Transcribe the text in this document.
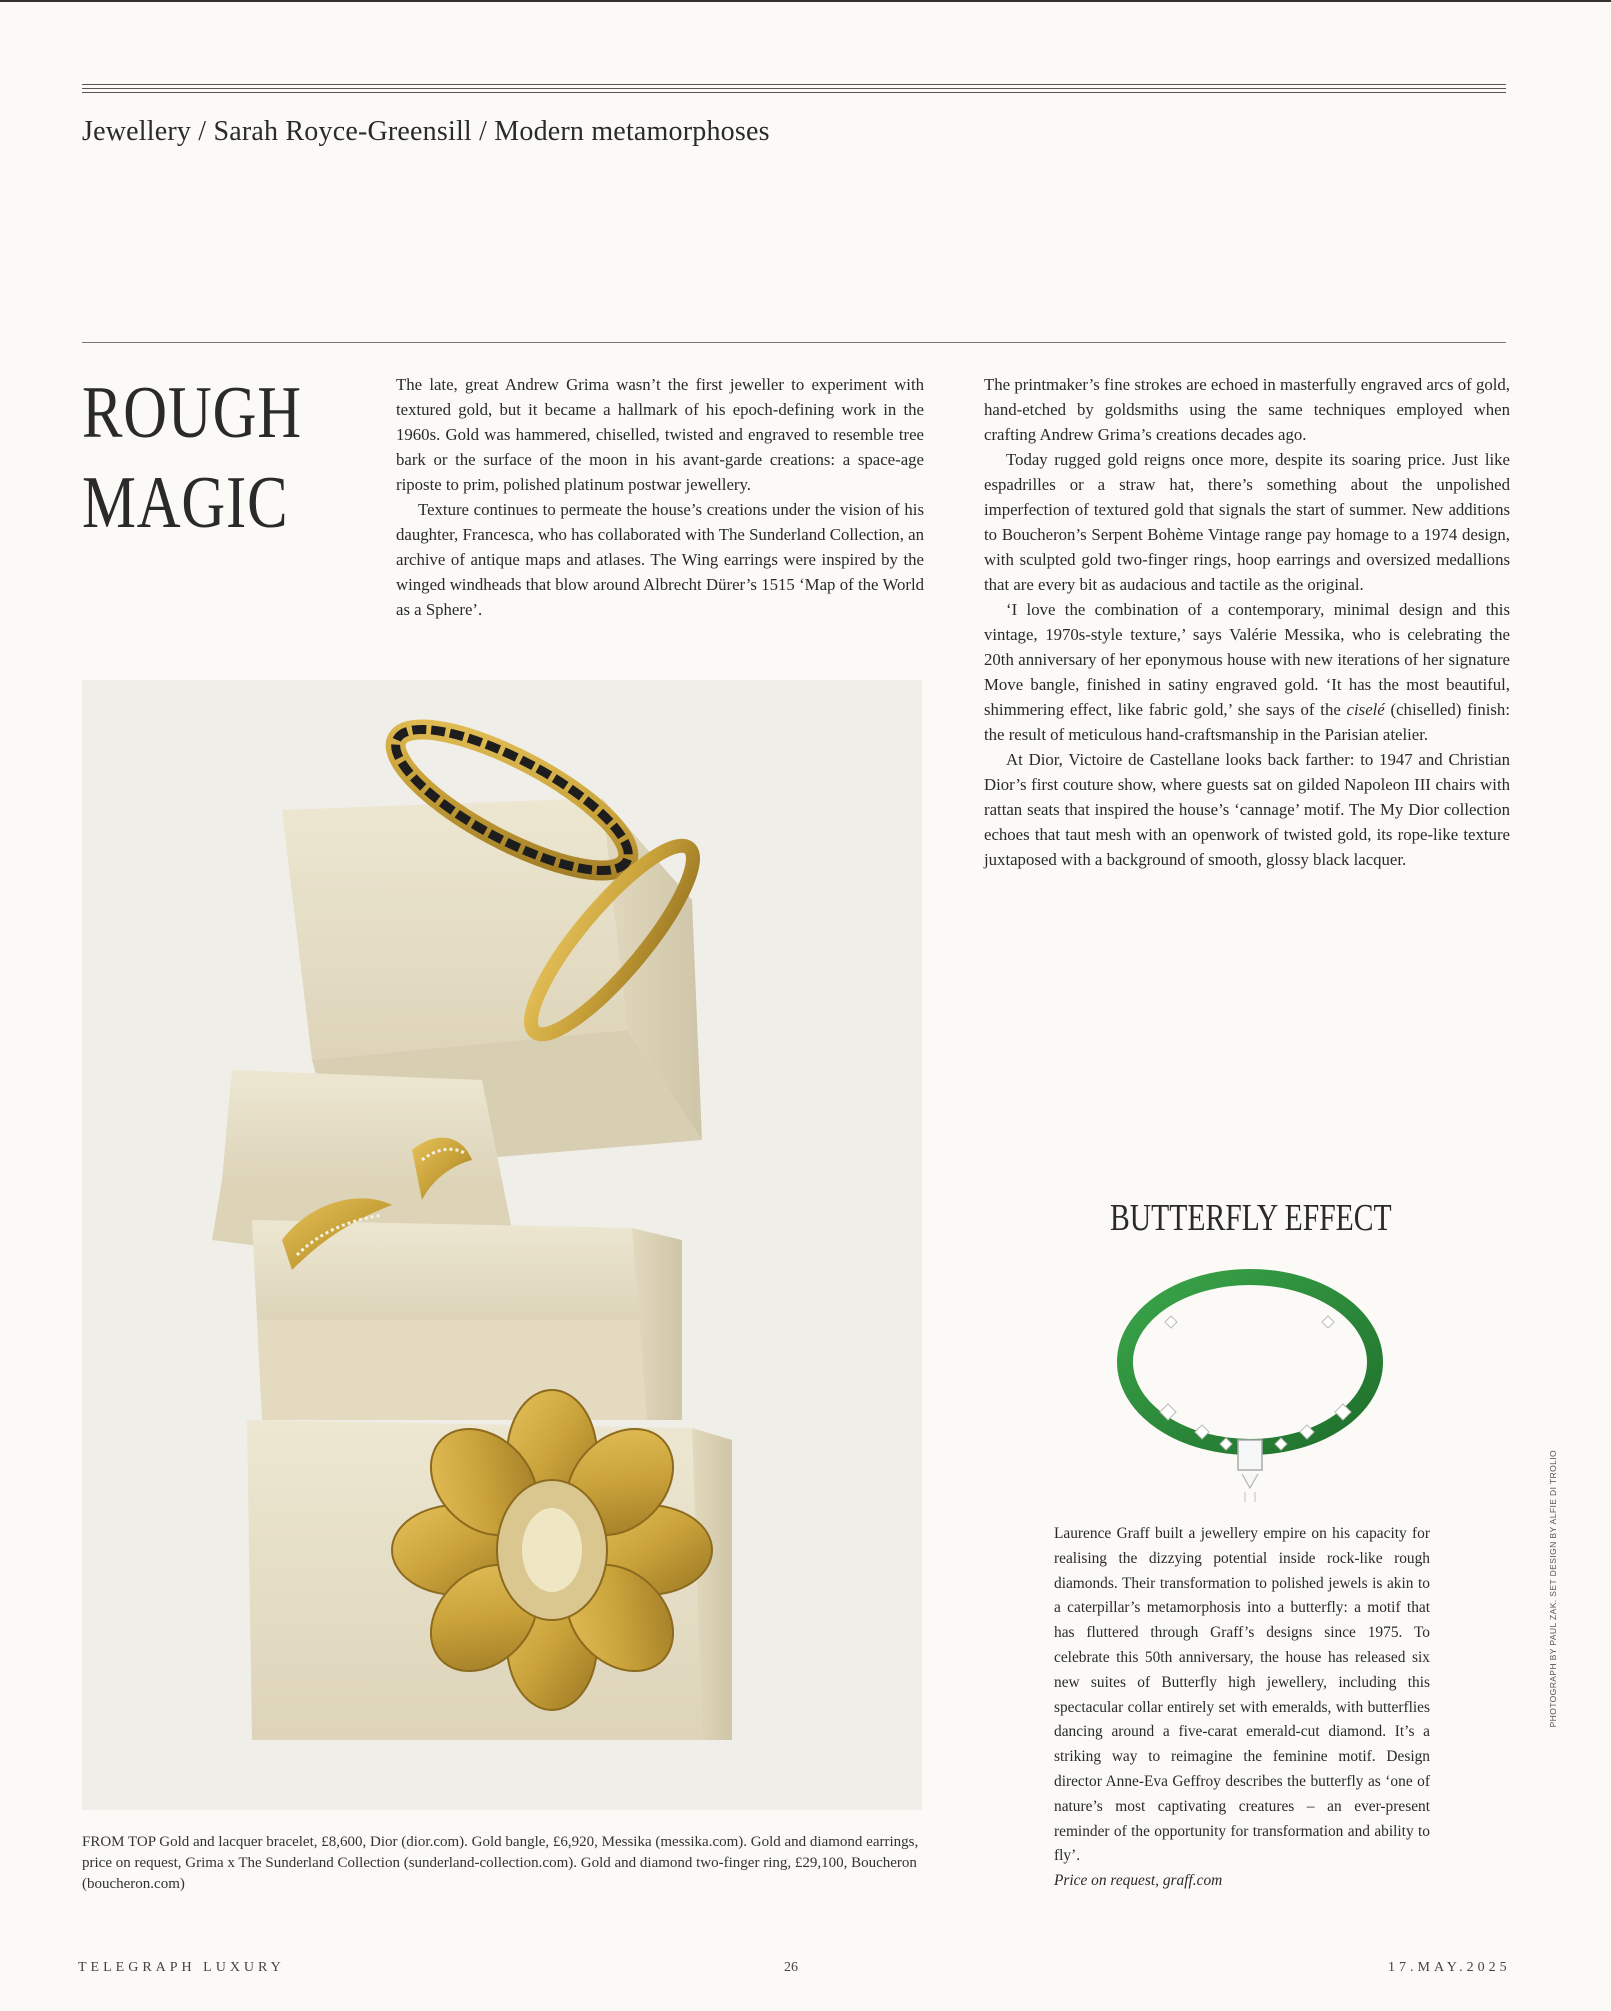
Jewellery / Sarah Royce-Greensill / Modern metamorphoses
ROUGH
MAGIC

The late, great Andrew Grima wasn’t the first jeweller to experiment with textured gold, but it became a hallmark of his epoch-defining work in the 1960s. Gold was hammered, chiselled, twisted and engraved to resemble tree bark or the surface of the moon in his avant-garde creations: a space-age riposte to prim, polished platinum postwar jewellery.

Texture continues to permeate the house’s creations under the vision of his daughter, Francesca, who has collaborated with The Sunderland Collection, an archive of antique maps and atlases. The Wing earrings were inspired by the winged windheads that blow around Albrecht Dürer’s 1515 ‘Map of the World as a Sphere’.

The printmaker’s fine strokes are echoed in masterfully engraved arcs of gold, hand-etched by goldsmiths using the same techniques employed when crafting Andrew Grima’s creations decades ago.

Today rugged gold reigns once more, despite its soaring price. Just like espadrilles or a straw hat, there’s something about the unpolished imperfection of textured gold that signals the start of summer. New additions to Boucheron’s Serpent Bohème Vintage range pay homage to a 1974 design, with sculpted gold two-finger rings, hoop earrings and oversized medallions that are every bit as audacious and tactile as the original.

‘I love the combination of a contemporary, minimal design and this vintage, 1970s-style texture,’ says Valérie Messika, who is celebrating the 20th anniversary of her eponymous house with new iterations of her signature Move bangle, finished in satiny engraved gold. ‘It has the most beautiful, shimmering effect, like fabric gold,’ she says of the ciselé (chiselled) finish: the result of meticulous hand-craftsmanship in the Parisian atelier.

At Dior, Victoire de Castellane looks back farther: to 1947 and Christian Dior’s first couture show, where guests sat on gilded Napoleon III chairs with rattan seats that inspired the house’s ‘cannage’ motif. The My Dior collection echoes that taut mesh with an openwork of twisted gold, its rope-like texture juxtaposed with a background of smooth, glossy black lacquer.

FROM TOP Gold and lacquer bracelet, £8,600, Dior (dior.com). Gold bangle, £6,920, Messika (messika.com). Gold and diamond earrings, price on request, Grima x The Sunderland Collection (sunderland-collection.com). Gold and diamond two-finger ring, £29,100, Boucheron (boucheron.com)
BUTTERFLY EFFECT
Laurence Graff built a jewellery empire on his capacity for realising the dizzying potential inside rock-like rough diamonds. Their transformation to polished jewels is akin to a caterpillar’s metamorphosis into a butterfly: a motif that has fluttered through Graff’s designs since 1975. To celebrate this 50th anniversary, the house has released six new suites of Butterfly high jewellery, including this spectacular collar entirely set with emeralds, with butterflies dancing around a five-carat emerald-cut diamond. It’s a striking way to reimagine the feminine motif. Design director Anne-Eva Geffroy describes the butterfly as ‘one of nature’s most captivating creatures – an ever-present reminder of the opportunity for transformation and ability to fly’.
Price on request, graff.com
PHOTOGRAPH BY PAUL ZAK. SET DESIGN BY ALFIE DI TROLIO
TELEGRAPH LUXURY	26	17.MAY.2025
